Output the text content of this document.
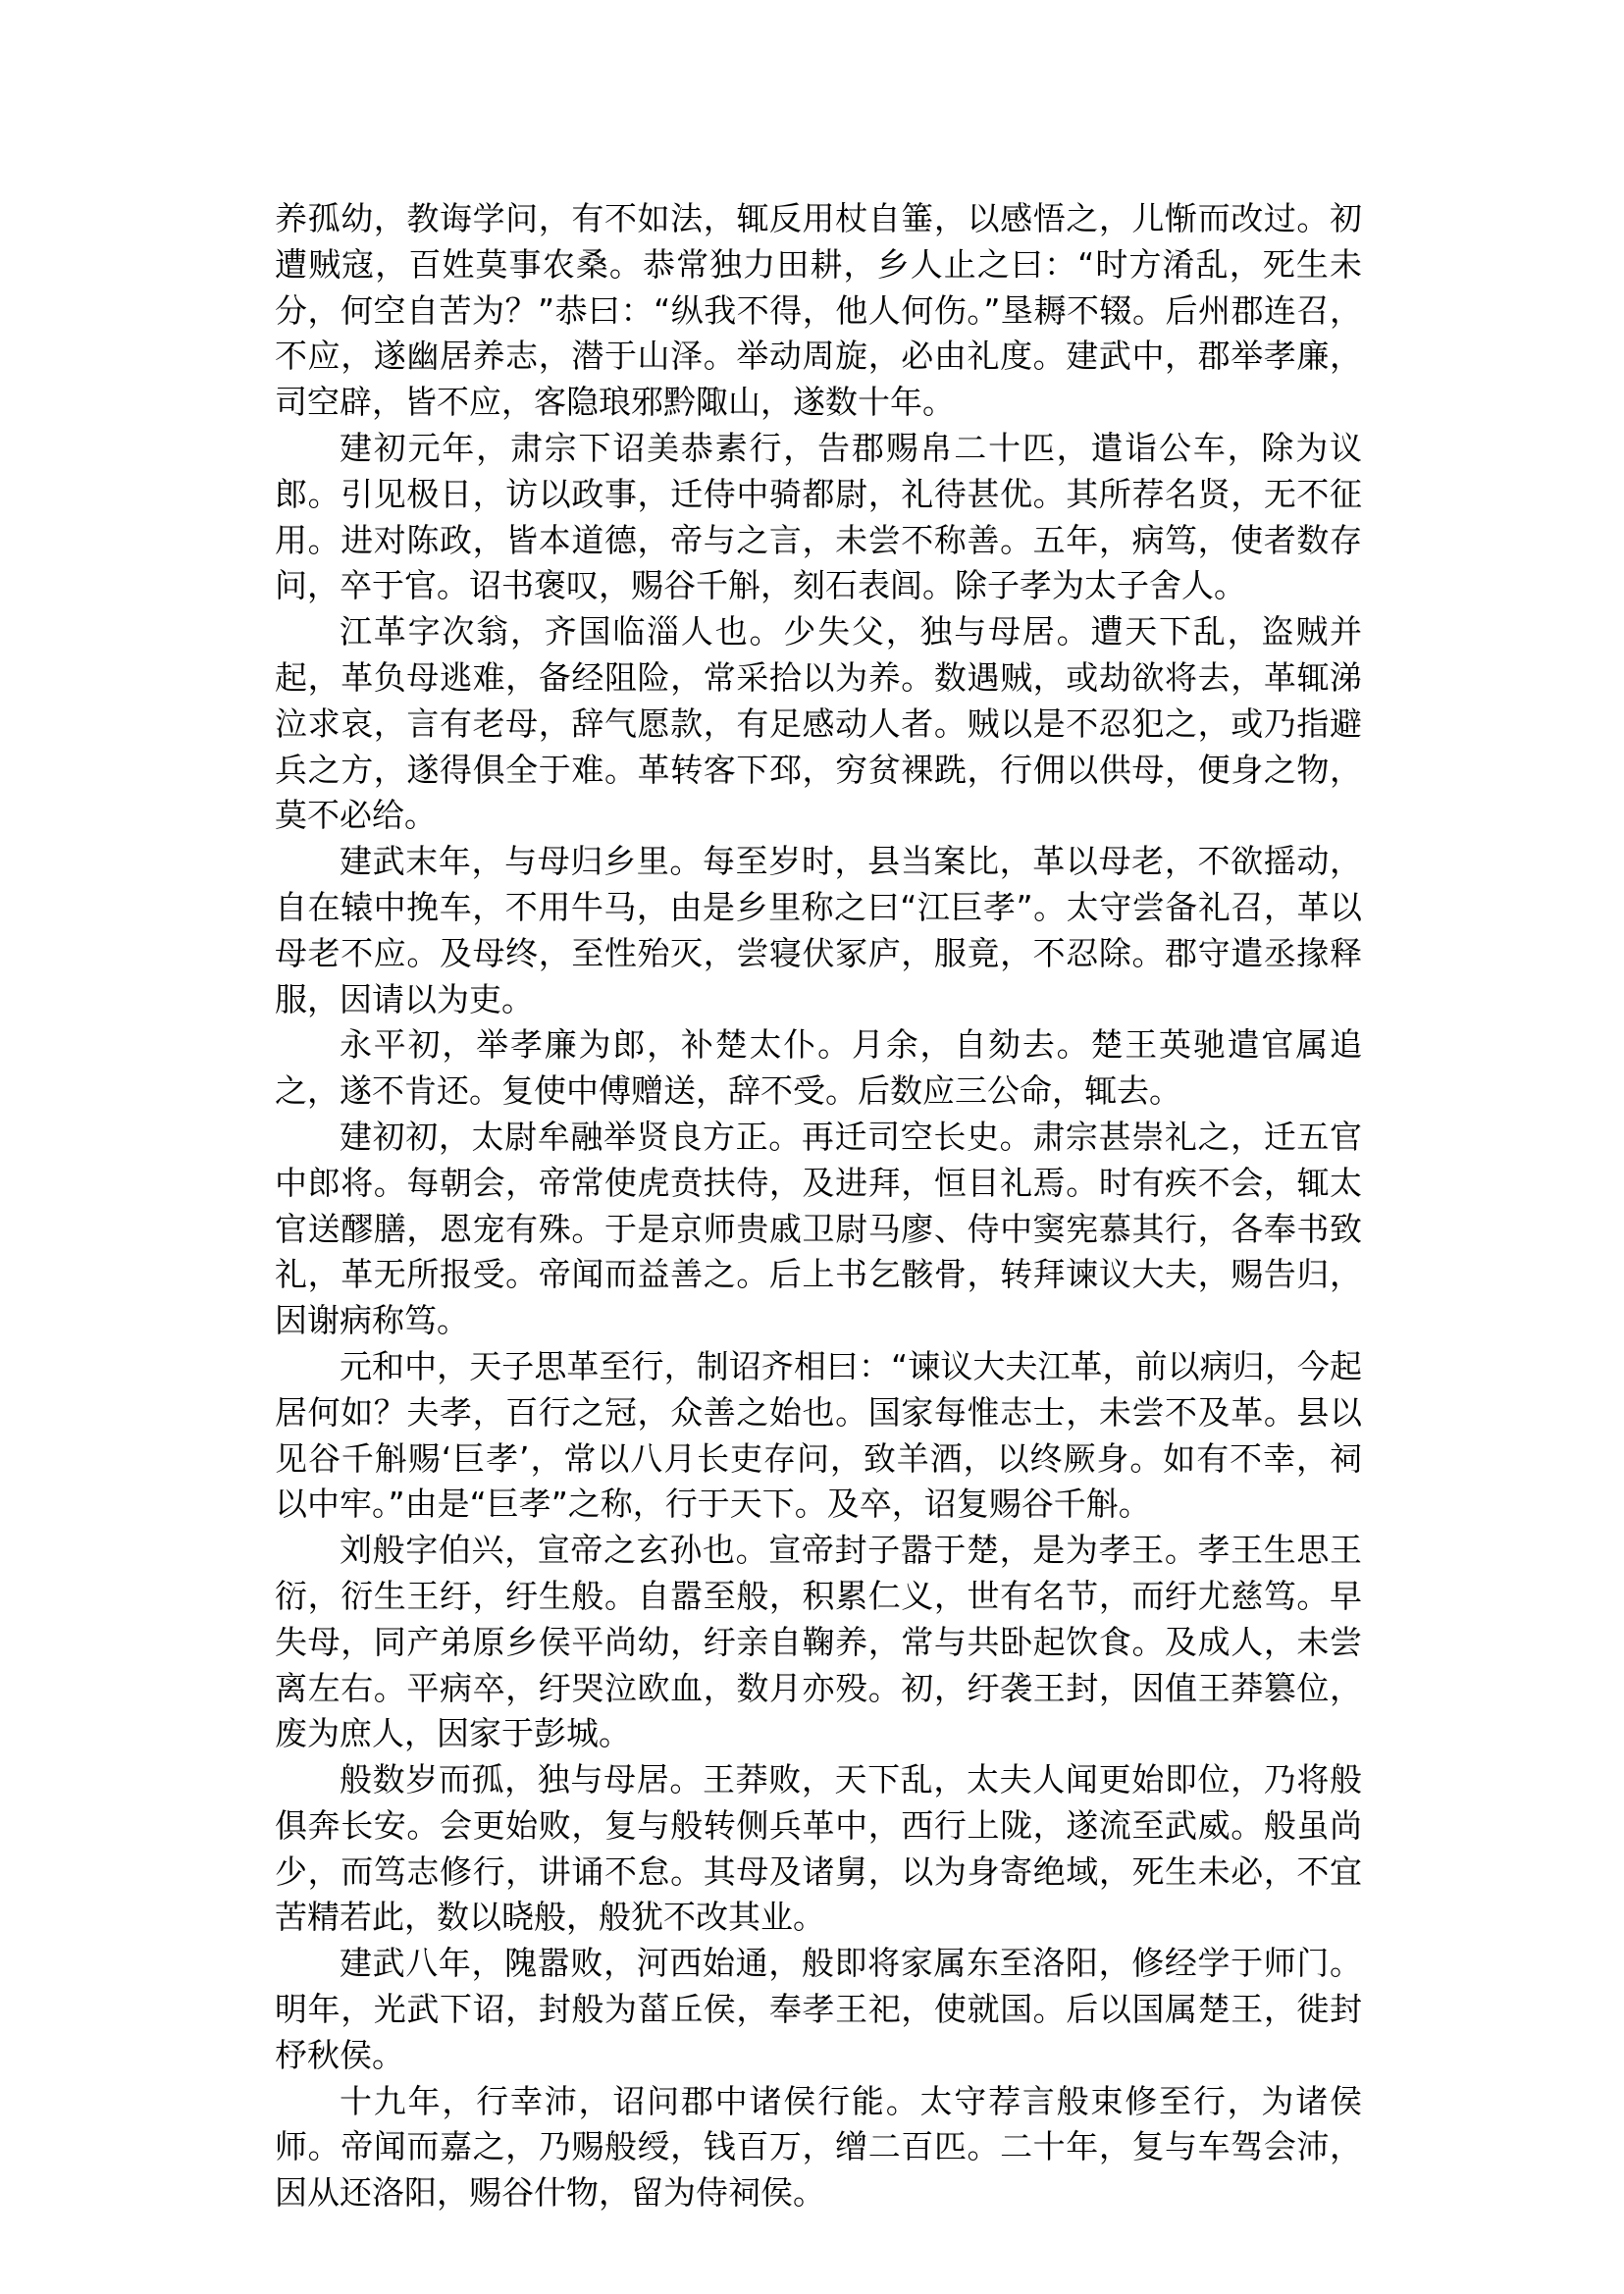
养孤幼，教诲学问，有不如法，辄反用杖自箠，以感悟之，儿惭而改过。初遭贼寇，百姓莫事农桑。恭常独力田耕，乡人止之曰：“时方淆乱，死生未分，何空自苦为？”恭曰：“纵我不得，他人何伤。”垦耨不辍。后州郡连召，不应，遂幽居养志，潜于山泽。举动周旋，必由礼度。建武中，郡举孝廉，司空辟，皆不应，客隐琅邪黔陬山，遂数十年。

建初元年，肃宗下诏美恭素行，告郡赐帛二十匹，遣诣公车，除为议郎。引见极日，访以政事，迁侍中骑都尉，礼待甚优。其所荐名贤，无不征用。进对陈政，皆本道德，帝与之言，未尝不称善。五年，病笃，使者数存问，卒于官。诏书褒叹，赐谷千斛，刻石表闾。除子孝为太子舍人。

江革字次翁，齐国临淄人也。少失父，独与母居。遭天下乱，盗贼并起，革负母逃难，备经阻险，常采拾以为养。数遇贼，或劫欲将去，革辄涕泣求哀，言有老母，辞气愿款，有足感动人者。贼以是不忍犯之，或乃指避兵之方，遂得俱全于难。革转客下邳，穷贫裸跣，行佣以供母，便身之物，莫不必给。

建武末年，与母归乡里。每至岁时，县当案比，革以母老，不欲摇动，自在辕中挽车，不用牛马，由是乡里称之曰“江巨孝”。太守尝备礼召，革以母老不应。及母终，至性殆灭，尝寝伏冢庐，服竟，不忍除。郡守遣丞掾释服，因请以为吏。

永平初，举孝廉为郎，补楚太仆。月余，自劾去。楚王英驰遣官属追之，遂不肯还。复使中傅赠送，辞不受。后数应三公命，辄去。

建初初，太尉牟融举贤良方正。再迁司空长史。肃宗甚崇礼之，迁五官中郎将。每朝会，帝常使虎贲扶侍，及进拜，恒目礼焉。时有疾不会，辄太官送醪膳，恩宠有殊。于是京师贵戚卫尉马廖、侍中窦宪慕其行，各奉书致礼，革无所报受。帝闻而益善之。后上书乞骸骨，转拜谏议大夫，赐告归，因谢病称笃。

元和中，天子思革至行，制诏齐相曰：“谏议大夫江革，前以病归，今起居何如？夫孝，百行之冠，众善之始也。国家每惟志士，未尝不及革。县以见谷千斛赐‘巨孝’，常以八月长吏存问，致羊酒，以终厥身。如有不幸，祠以中牢。”由是“巨孝”之称，行于天下。及卒，诏复赐谷千斛。

刘般字伯兴，宣帝之玄孙也。宣帝封子嚣于楚，是为孝王。孝王生思王衍，衍生王纡，纡生般。自嚣至般，积累仁义，世有名节，而纡尤慈笃。早失母，同产弟原乡侯平尚幼，纡亲自鞠养，常与共卧起饮食。及成人，未尝离左右。平病卒，纡哭泣欧血，数月亦殁。初，纡袭王封，因值王莽篡位，废为庶人，因家于彭城。

般数岁而孤，独与母居。王莽败，天下乱，太夫人闻更始即位，乃将般俱奔长安。会更始败，复与般转侧兵革中，西行上陇，遂流至武威。般虽尚少，而笃志修行，讲诵不怠。其母及诸舅，以为身寄绝域，死生未必，不宜苦精若此，数以晓般，般犹不改其业。

建武八年，隗嚣败，河西始通，般即将家属东至洛阳，修经学于师门。明年，光武下诏，封般为菑丘侯，奉孝王祀，使就国。后以国属楚王，徙封杼秋侯。

十九年，行幸沛，诏问郡中诸侯行能。太守荐言般束修至行，为诸侯师。帝闻而嘉之，乃赐般绶，钱百万，缯二百匹。二十年，复与车驾会沛，因从还洛阳，赐谷什物，留为侍祠侯。
